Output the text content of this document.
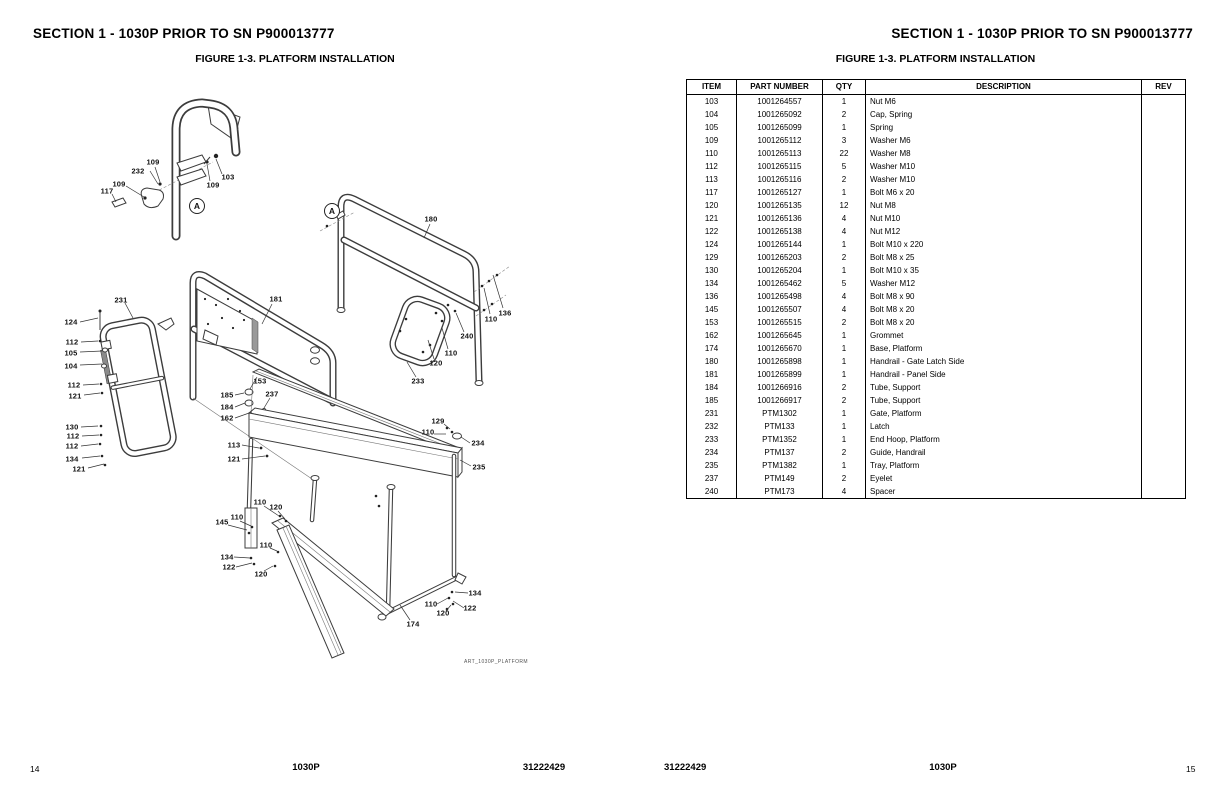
SECTION 1 - 1030P PRIOR TO SN P900013777
FIGURE 1-3. PLATFORM INSTALLATION
109
232
109
117
103
109
180
231	181
124
112
105
104
112
121
130
112
112
134
121
136
110
240
110
120
233
153
185	237
184
162
113
121
129
110
234
235
110
120
110
145
110
134
122
120
134
110	122
120
174
A	A
ART_1030P_PLATFORM
14	1030P	31222429
SECTION 1 - 1030P PRIOR TO SN P900013777
FIGURE 1-3. PLATFORM INSTALLATION
ITEM	PART NUMBER	QTY	DESCRIPTION	REV
103	1001264557	1	Nut M6	
104	1001265092	2	Cap, Spring	
105	1001265099	1	Spring	
109	1001265112	3	Washer M6	
110	1001265113	22	Washer M8	
112	1001265115	5	Washer M10	
113	1001265116	2	Washer M10	
117	1001265127	1	Bolt M6 x 20	
120	1001265135	12	Nut M8	
121	1001265136	4	Nut M10	
122	1001265138	4	Nut M12	
124	1001265144	1	Bolt M10 x 220	
129	1001265203	2	Bolt M8 x 25	
130	1001265204	1	Bolt M10 x 35	
134	1001265462	5	Washer M12	
136	1001265498	4	Bolt M8 x 90	
145	1001265507	4	Bolt M8 x 20	
153	1001265515	2	Bolt M8 x 20	
162	1001265645	1	Grommet	
174	1001265670	1	Base, Platform	
180	1001265898	1	Handrail - Gate Latch Side	
181	1001265899	1	Handrail - Panel Side	
184	1001266916	2	Tube, Support	
185	1001266917	2	Tube, Support	
231	PTM1302	1	Gate, Platform	
232	PTM133	1	Latch	
233	PTM1352	1	End Hoop, Platform	
234	PTM137	2	Guide, Handrail	
235	PTM1382	1	Tray, Platform	
237	PTM149	2	Eyelet	
240	PTM173	4	Spacer	
31222429	1030P	15
